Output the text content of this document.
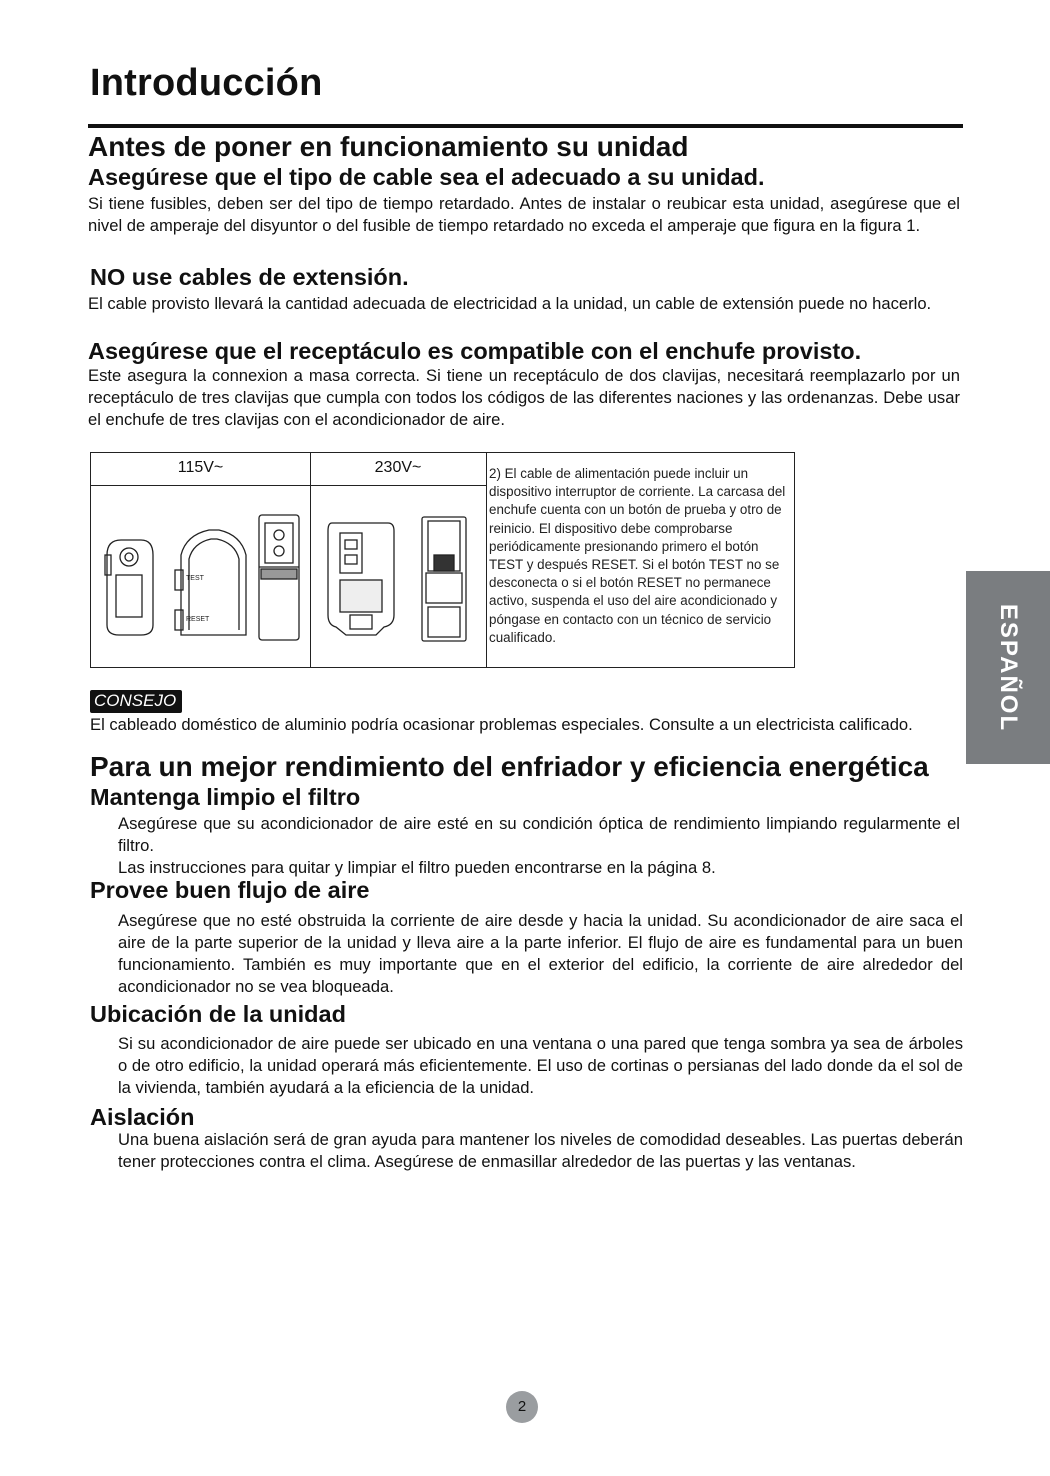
Introducción
Antes de poner en funcionamiento su unidad
Asegúrese que el tipo de cable sea el adecuado a su unidad.

Si tiene fusibles, deben ser del tipo de tiempo retardado. Antes de instalar o reubicar esta unidad, asegúrese que el nivel de amperaje del disyuntor o del fusible de tiempo retardado no exceda el amperaje que figura en la figura 1.

NO use cables de extensión.

El cable provisto llevará la cantidad adecuada de electricidad a la unidad, un cable de extensión puede no hacerlo.

Asegúrese que el receptáculo es compatible con el enchufe provisto.

Este asegura la connexion a masa correcta. Si tiene un receptáculo de dos clavijas, necesitará reemplazarlo por un receptáculo de tres clavijas que cumpla con todos los códigos de las diferentes naciones y las ordenanzas. Debe usar el enchufe de tres clavijas con el acondicionador de aire.

115V~
TEST
RESET
230V~	2) El cable de alimentación puede incluir un dispositivo interruptor de corriente. La carcasa del enchufe cuenta con un botón de prueba y otro de reinicio. El dispositivo debe comprobarse periódicamente presionando primero el botón TEST y después RESET. Si el botón TEST no se desconecta o si el botón RESET no permanece activo, suspenda el uso del aire acondicionado y póngase en contacto con un técnico de servicio cualificado.
CONSEJO

El cableado doméstico de aluminio podría ocasionar problemas especiales. Consulte a un electricista calificado.

Para un mejor rendimiento del enfriador y eficiencia energética
Mantenga limpio el filtro

Asegúrese que su acondicionador de aire esté en su condición óptica de rendimiento limpiando regularmente el filtro.

Las instrucciones para quitar y limpiar el filtro pueden encontrarse en la página 8.

Provee buen flujo de aire

Asegúrese que no esté obstruida la corriente de aire desde y hacia la unidad. Su acondicionador de aire saca el aire de la parte superior de la unidad y lleva aire a la parte inferior. El flujo de aire es fundamental para un buen funcionamiento. También es muy importante que en el exterior del edificio, la corriente de aire alrededor del acondicionador no se vea bloqueada.

Ubicación de la unidad

Si su acondicionador de aire puede ser ubicado en una ventana o una pared que tenga sombra ya sea de árboles o de otro edificio, la unidad operará más eficientemente. El uso de cortinas o persianas del lado donde da el sol de la vivienda, también ayudará a la eficiencia de la unidad.

Aislación

Una buena aislación será de gran ayuda para mantener los niveles de comodidad deseables. Las puertas deberán tener protecciones contra el clima. Asegúrese de enmasillar alrededor de las puertas y las ventanas.

ESPAÑOL
2
